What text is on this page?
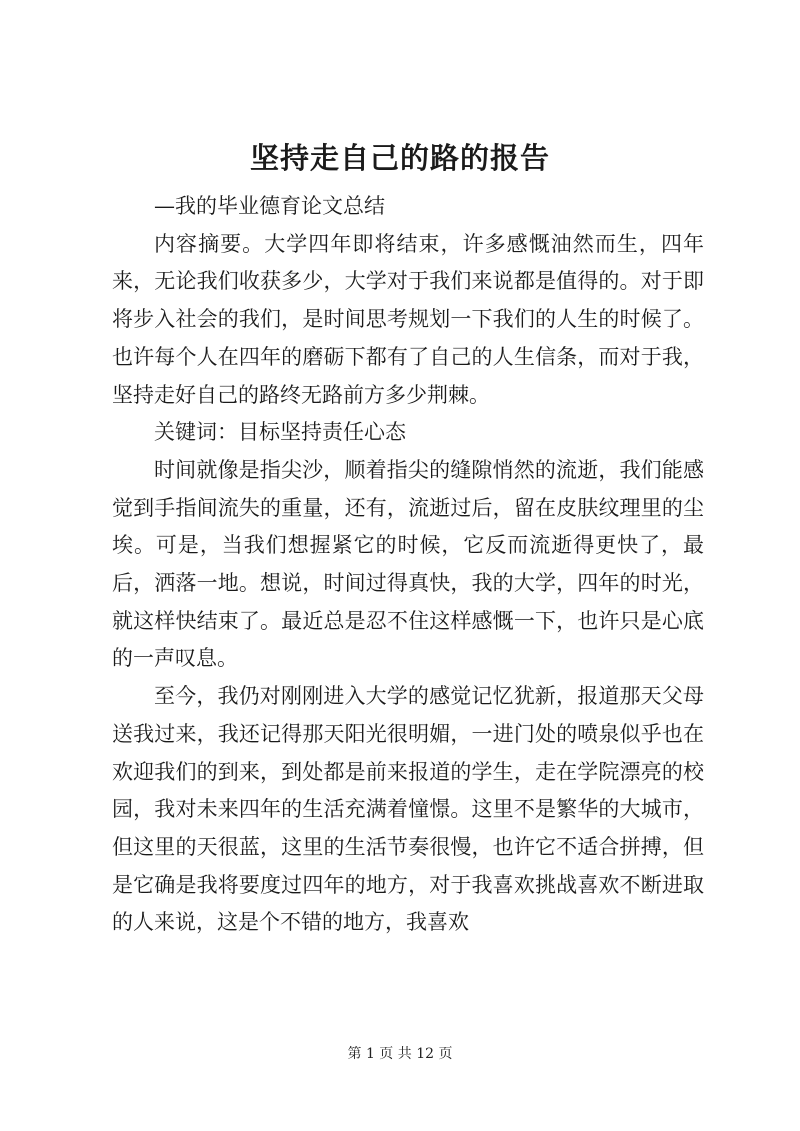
坚持走自己的路的报告

—我的毕业德育论文总结

内容摘要。大学四年即将结束，许多感慨油然而生，四年来，无论我们收获多少，大学对于我们来说都是值得的。对于即将步入社会的我们，是时间思考规划一下我们的人生的时候了。也许每个人在四年的磨砺下都有了自己的人生信条，而对于我，坚持走好自己的路终无路前方多少荆棘。

关键词：目标坚持责任心态

时间就像是指尖沙，顺着指尖的缝隙悄然的流逝，我们能感觉到手指间流失的重量，还有，流逝过后，留在皮肤纹理里的尘埃。可是，当我们想握紧它的时候，它反而流逝得更快了，最后，洒落一地。想说，时间过得真快，我的大学，四年的时光，就这样快结束了。最近总是忍不住这样感慨一下，也许只是心底的一声叹息。

至今，我仍对刚刚进入大学的感觉记忆犹新，报道那天父母送我过来，我还记得那天阳光很明媚，一进门处的喷泉似乎也在欢迎我们的到来，到处都是前来报道的学生，走在学院漂亮的校园，我对未来四年的生活充满着憧憬。这里不是繁华的大城市，但这里的天很蓝，这里的生活节奏很慢，也许它不适合拼搏，但是它确是我将要度过四年的地方，对于我喜欢挑战喜欢不断进取的人来说，这是个不错的地方，我喜欢

第 1 页 共 12 页
